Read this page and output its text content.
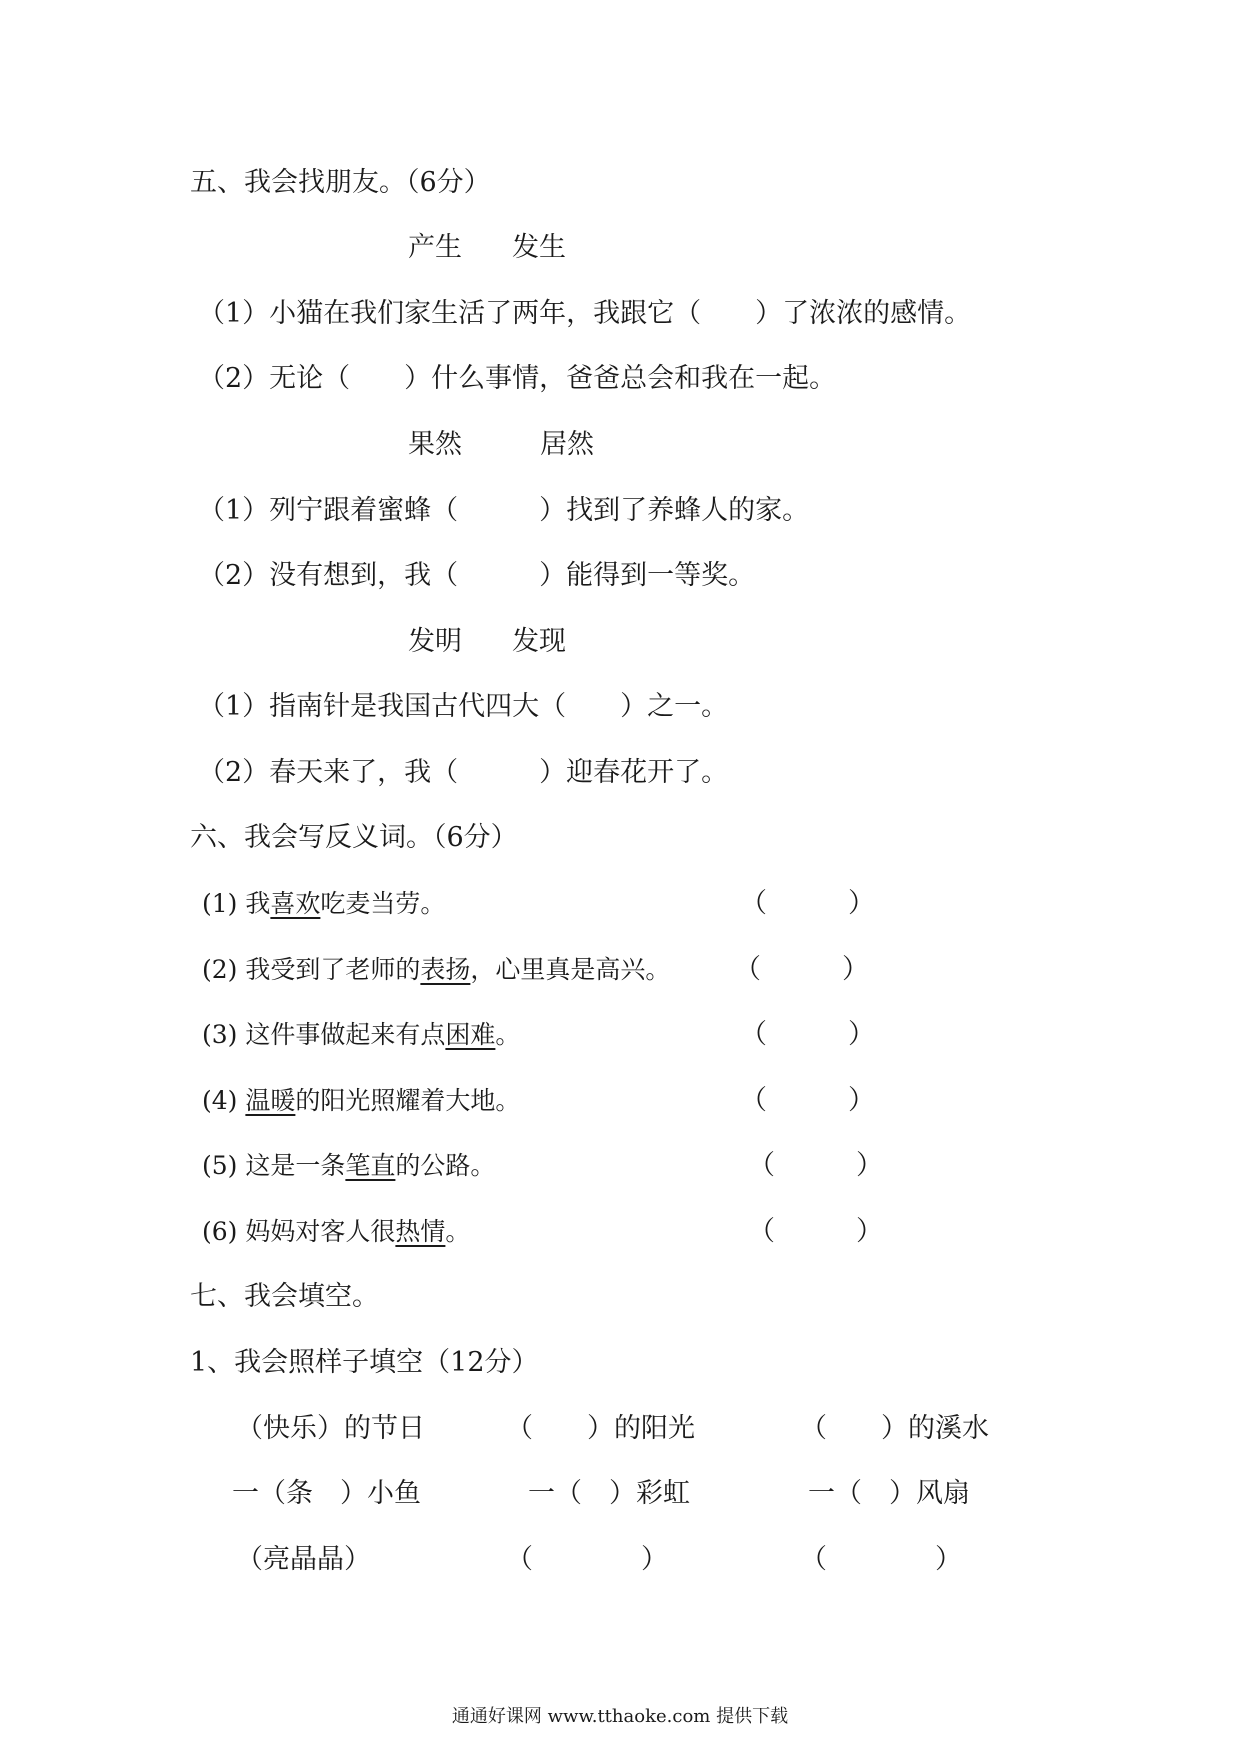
五、我会找朋友。（6分）
产生 发生
（1）小猫在我们家生活了两年，我跟它（　　）了浓浓的感情。
（2）无论（　　）什么事情，爸爸总会和我在一起。
果然	居然
（1）列宁跟着蜜蜂（　　　）找到了养蜂人的家。
（2）没有想到，我（　　　）能得到一等奖。
发明 发现
（1）指南针是我国古代四大（　　）之一。
（2）春天来了，我（　　　）迎春花开了。
六、我会写反义词。（6分）
(1) 我喜欢吃麦当劳。	（　　　）
(2) 我受到了老师的表扬，心里真是高兴。 （　　　）
(3) 这件事做起来有点困难。	（　　　）
(4) 温暖的阳光照耀着大地。	（　　　）
(5) 这是一条笔直的公路。	（　　　）
(6) 妈妈对客人很热情。	（　　　）
七、我会填空。
1、我会照样子填空（12分）
（快乐）的节日	（　　）的阳光	（　　）的溪水
一（条　）小鱼	一（　）彩虹	一（　）风扇
（亮晶晶）	（　　　　）	（　　　　）
通通好课网 www.tthaoke.com 提供下载
